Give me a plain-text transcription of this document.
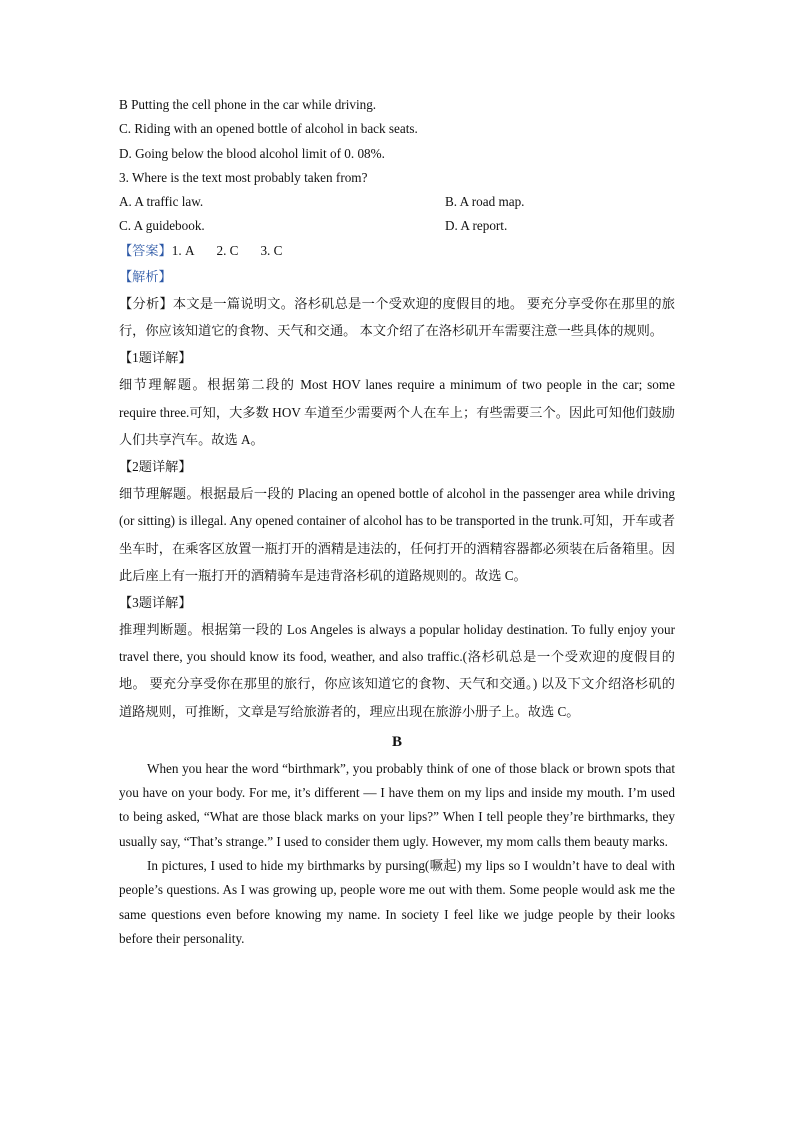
B Putting the cell phone in the car while driving.
C. Riding with an opened bottle of alcohol in back seats.
D. Going below the blood alcohol limit of 0. 08%.
3. Where is the text most probably taken from?
A. A traffic law.	B. A road map.
C. A guidebook.	D. A report.
【答案】1. A 2. C 3. C
【解析】
【分析】本文是一篇说明文。洛杉矶总是一个受欢迎的度假目的地。 要充分享受你在那里的旅行，你应该知道它的食物、天气和交通。 本文介绍了在洛杉矶开车需要注意一些具体的规则。
【1题详解】
细节理解题。根据第二段的 Most HOV lanes require a minimum of two people in the car; some require three.可知，大多数 HOV 车道至少需要两个人在车上；有些需要三个。因此可知他们鼓励人们共享汽车。故选 A。
【2题详解】
细节理解题。根据最后一段的 Placing an opened bottle of alcohol in the passenger area while driving (or sitting) is illegal. Any opened container of alcohol has to be transported in the trunk.可知，开车或者坐车时，在乘客区放置一瓶打开的酒精是违法的，任何打开的酒精容器都必须装在后备箱里。因此后座上有一瓶打开的酒精骑车是违背洛杉矶的道路规则的。故选 C。
【3题详解】
推理判断题。根据第一段的 Los Angeles is always a popular holiday destination. To fully enjoy your travel there, you should know its food, weather, and also traffic.(洛杉矶总是一个受欢迎的度假目的地。 要充分享受你在那里的旅行，你应该知道它的食物、天气和交通。) 以及下文介绍洛杉矶的道路规则，可推断，文章是写给旅游者的，理应出现在旅游小册子上。故选 C。
B
When you hear the word “birthmark”, you probably think of one of those black or brown spots that you have on your body. For me, it’s different — I have them on my lips and inside my mouth. I’m used to being asked, “What are those black marks on your lips?” When I tell people they’re birthmarks, they usually say, “That’s strange.” I used to consider them ugly. However, my mom calls them beauty marks.
In pictures, I used to hide my birthmarks by pursing(噘起) my lips so I wouldn’t have to deal with people’s questions. As I was growing up, people wore me out with them. Some people would ask me the same questions even before knowing my name. In society I feel like we judge people by their looks before their personality.
